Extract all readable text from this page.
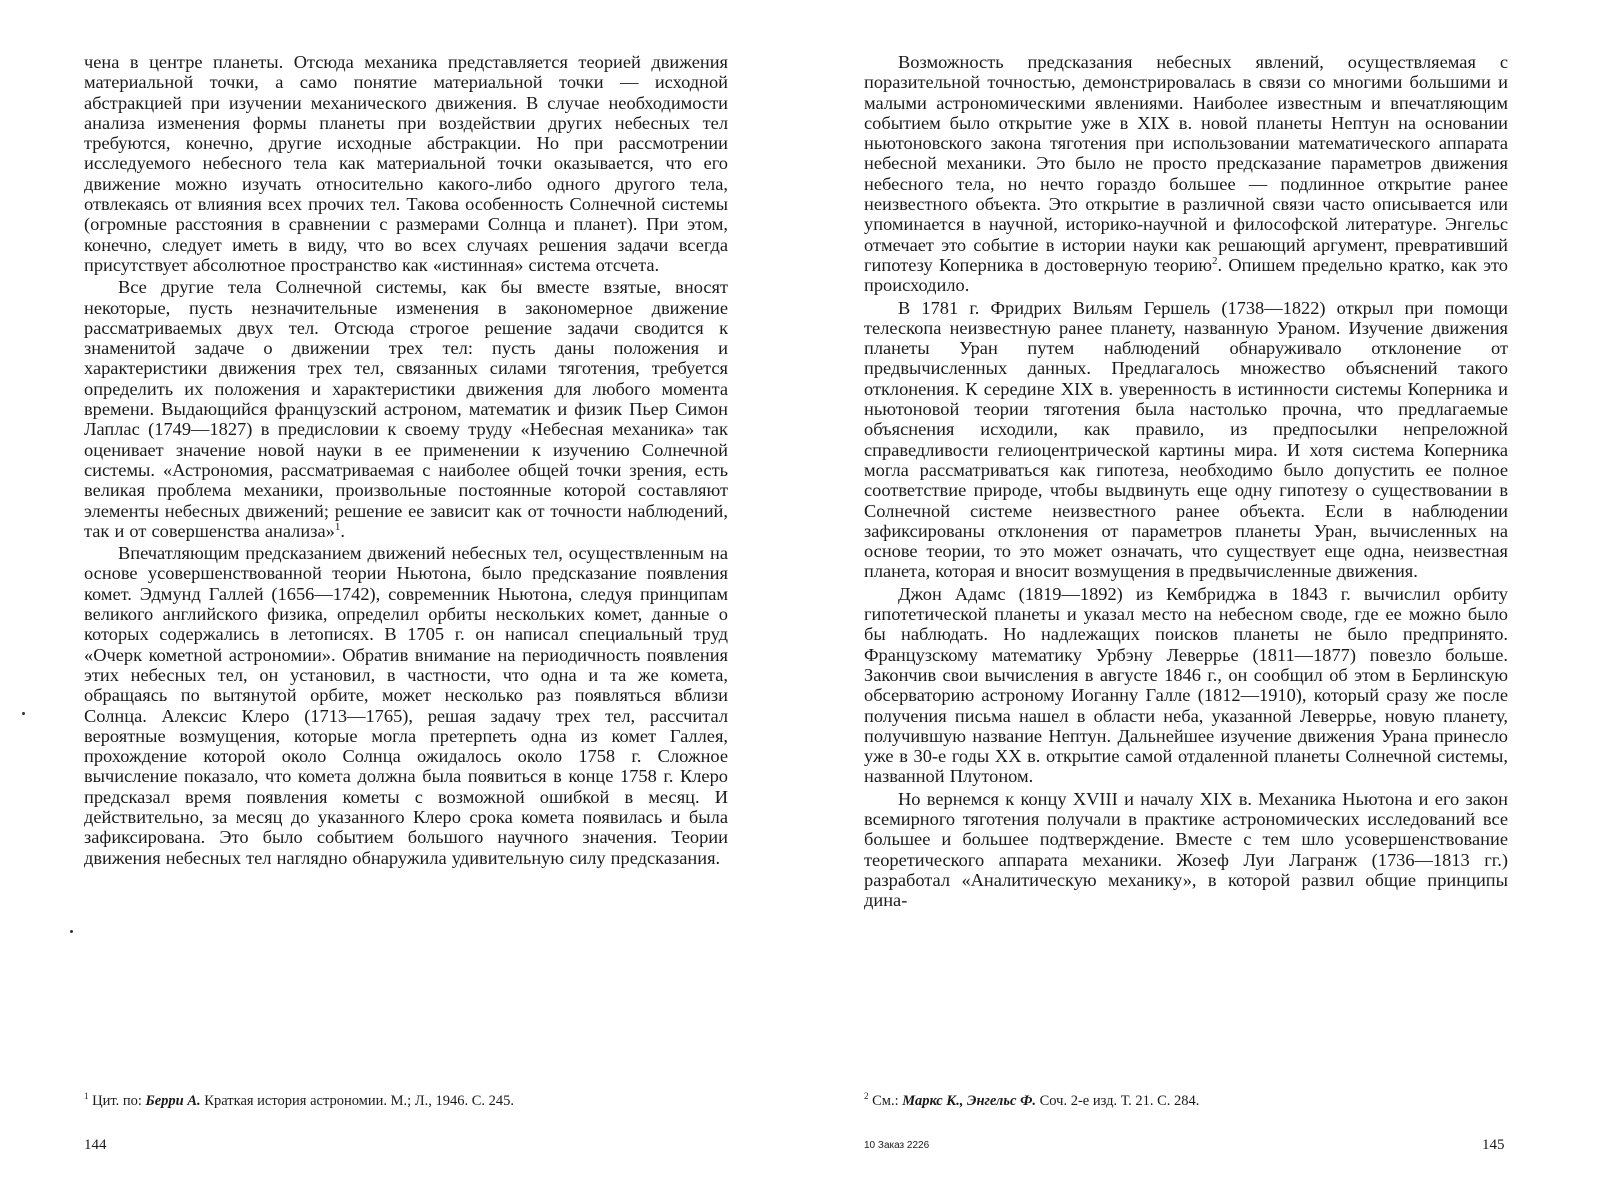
чена в центре планеты. Отсюда механика представляется теорией движения материальной точки, а само понятие материальной точки — исходной абстракцией при изучении механического движения. В случае необходимости анализа изменения формы планеты при воздействии других небесных тел требуются, конечно, другие исходные абстракции. Но при рассмотрении исследуемого небесного тела как материальной точки оказывается, что его движение можно изучать относительно какого-либо одного другого тела, отвлекаясь от влияния всех прочих тел. Такова особенность Солнечной системы (огромные расстояния в сравнении с размерами Солнца и планет). При этом, конечно, следует иметь в виду, что во всех случаях решения задачи всегда присутствует абсолютное пространство как «истинная» система отсчета.

Все другие тела Солнечной системы, как бы вместе взятые, вносят некоторые, пусть незначительные изменения в закономерное движение рассматриваемых двух тел. Отсюда строгое решение задачи сводится к знаменитой задаче о движении трех тел: пусть даны положения и характеристики движения трех тел, связанных силами тяготения, требуется определить их положения и характеристики движения для любого момента времени. Выдающийся французский астроном, математик и физик Пьер Симон Лаплас (1749—1827) в предисловии к своему труду «Небесная механика» так оценивает значение новой науки в ее применении к изучению Солнечной системы. «Астрономия, рассматриваемая с наиболее общей точки зрения, есть великая проблема механики, произвольные постоянные которой составляют элементы небесных движений; решение ее зависит как от точности наблюдений, так и от совершенства анализа»$^1$.

Впечатляющим предсказанием движений небесных тел, осуществленным на основе усовершенствованной теории Ньютона, было предсказание появления комет. Эдмунд Галлей (1656—1742), современник Ньютона, следуя принципам великого английского физика, определил орбиты нескольких комет, данные о которых содержались в летописях. В 1705 г. он написал специальный труд «Очерк кометной астрономии». Обратив внимание на периодичность появления этих небесных тел, он установил, в частности, что одна и та же комета, обращаясь по вытянутой орбите, может несколько раз появляться вблизи Солнца. Алексис Клеро (1713—1765), решая задачу трех тел, рассчитал вероятные возмущения, которые могла претерпеть одна из комет Галлея, прохождение которой около Солнца ожидалось около 1758 г. Сложное вычисление показало, что комета должна была появиться в конце 1758 г. Клеро предсказал время появления кометы с возможной ошибкой в месяц. И действительно, за месяц до указанного Клеро срока комета появилась и была зафиксирована. Это было событием большого научного значения. Теории движения небесных тел наглядно обнаружила удивительную силу предсказания.

$^1$ Цит. по: Берри А. Краткая история астрономии. М.; Л., 1946. С. 245.
144

Возможность предсказания небесных явлений, осуществляемая с поразительной точностью, демонстрировалась в связи со многими большими и малыми астрономическими явлениями. Наиболее известным и впечатляющим событием было открытие уже в XIX в. новой планеты Нептун на основании ньютоновского закона тяготения при использовании математического аппарата небесной механики. Это было не просто предсказание параметров движения небесного тела, но нечто гораздо большее — подлинное открытие ранее неизвестного объекта. Это открытие в различной связи часто описывается или упоминается в научной, историко-научной и философской литературе. Энгельс отмечает это событие в истории науки как решающий аргумент, превративший гипотезу Коперника в достоверную теорию$^2$. Опишем предельно кратко, как это происходило.

В 1781 г. Фридрих Вильям Гершель (1738—1822) открыл при помощи телескопа неизвестную ранее планету, названную Ураном. Изучение движения планеты Уран путем наблюдений обнаруживало отклонение от предвычисленных данных. Предлагалось множество объяснений такого отклонения. К середине XIX в. уверенность в истинности системы Коперника и ньютоновой теории тяготения была настолько прочна, что предлагаемые объяснения исходили, как правило, из предпосылки непреложной справедливости гелиоцентрической картины мира. И хотя система Коперника могла рассматриваться как гипотеза, необходимо было допустить ее полное соответствие природе, чтобы выдвинуть еще одну гипотезу о существовании в Солнечной системе неизвестного ранее объекта. Если в наблюдении зафиксированы отклонения от параметров планеты Уран, вычисленных на основе теории, то это может означать, что существует еще одна, неизвестная планета, которая и вносит возмущения в предвычисленные движения.

Джон Адамс (1819—1892) из Кембриджа в 1843 г. вычислил орбиту гипотетической планеты и указал место на небесном своде, где ее можно было бы наблюдать. Но надлежащих поисков планеты не было предпринято. Французскому математику Урбэну Леверрье (1811—1877) повезло больше. Закончив свои вычисления в августе 1846 г., он сообщил об этом в Берлинскую обсерваторию астроному Иоганну Галле (1812—1910), который сразу же после получения письма нашел в области неба, указанной Леверрье, новую планету, получившую название Нептун. Дальнейшее изучение движения Урана принесло уже в 30-е годы XX в. открытие самой отдаленной планеты Солнечной системы, названной Плутоном.

Но вернемся к концу XVIII и началу XIX в. Механика Ньютона и его закон всемирного тяготения получали в практике астрономических исследований все большее и большее подтверждение. Вместе с тем шло усовершенствование теоретического аппарата механики. Жозеф Луи Лагранж (1736—1813 гг.) разработал «Аналитическую механику», в которой развил общие принципы дина-

$^2$ См.: Маркс К., Энгельс Ф. Соч. 2-е изд. Т. 21. С. 284.
10 Заказ 2226	145
